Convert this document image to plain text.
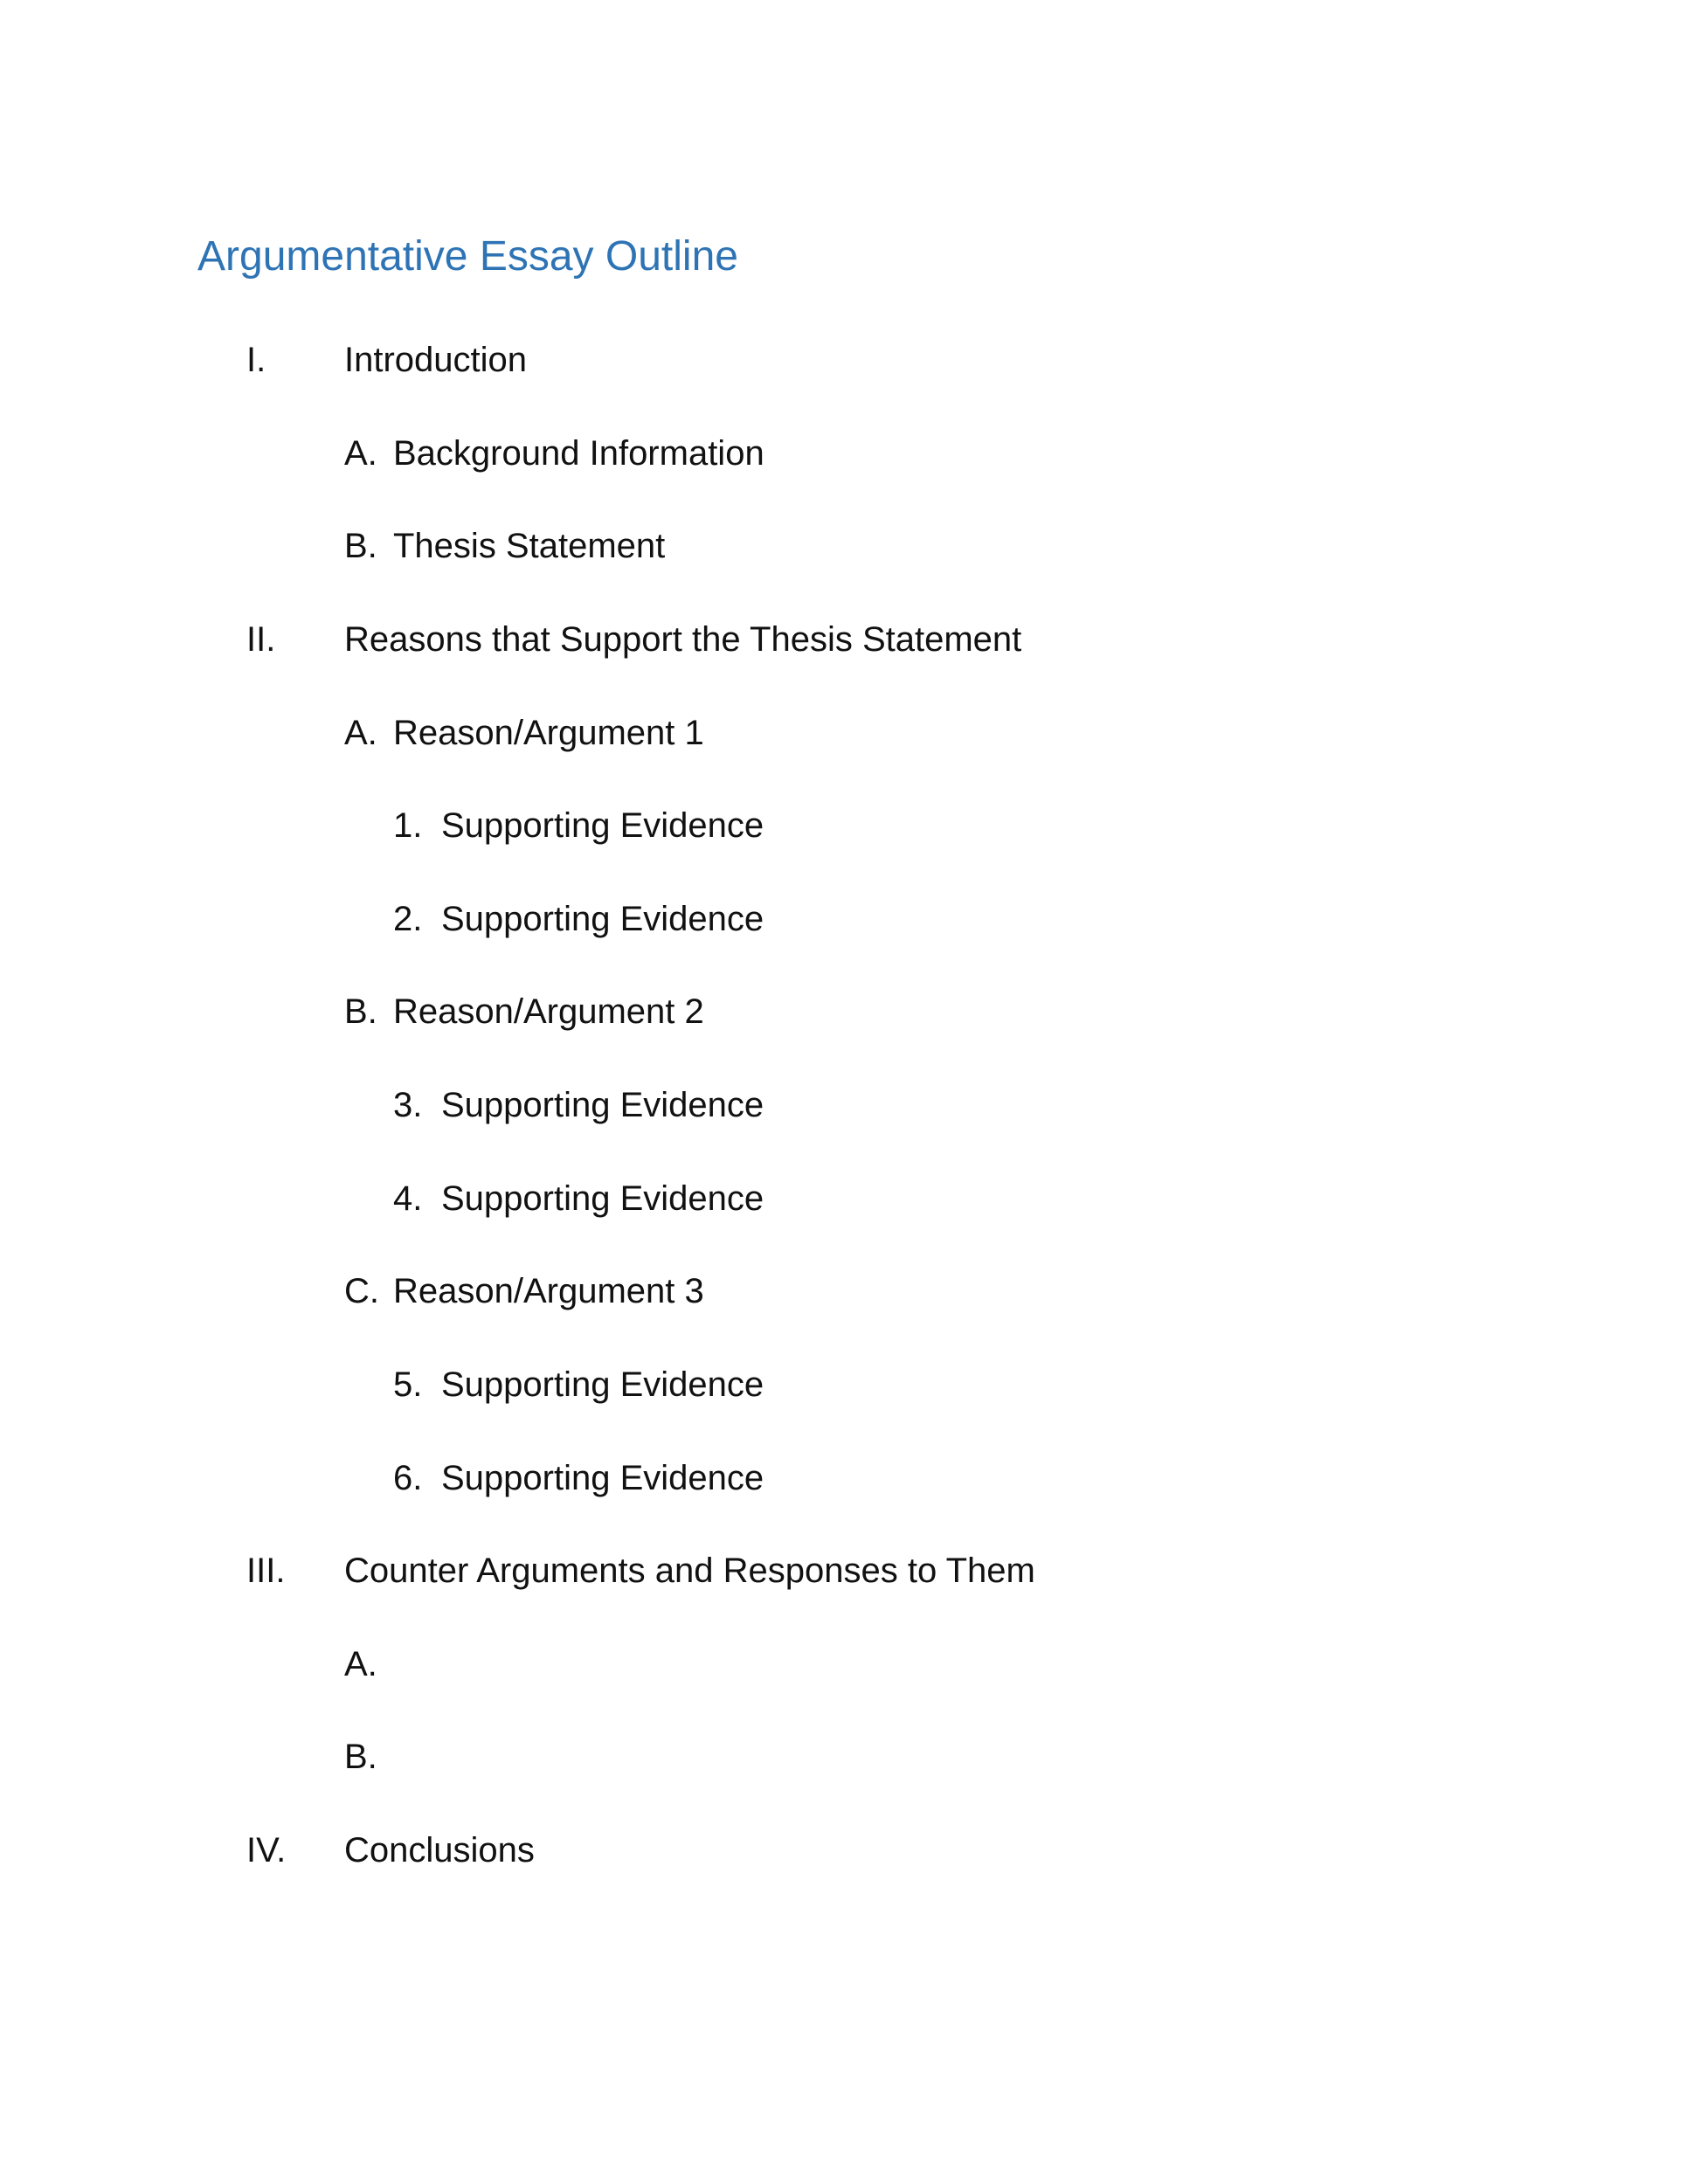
Argumentative Essay Outline
I. Introduction
A. Background Information
B. Thesis Statement
II. Reasons that Support the Thesis Statement
A. Reason/Argument 1
1. Supporting Evidence
2. Supporting Evidence
B. Reason/Argument 2
3. Supporting Evidence
4. Supporting Evidence
C. Reason/Argument 3
5. Supporting Evidence
6. Supporting Evidence
III. Counter Arguments and Responses to Them
A.
B.
IV. Conclusions
